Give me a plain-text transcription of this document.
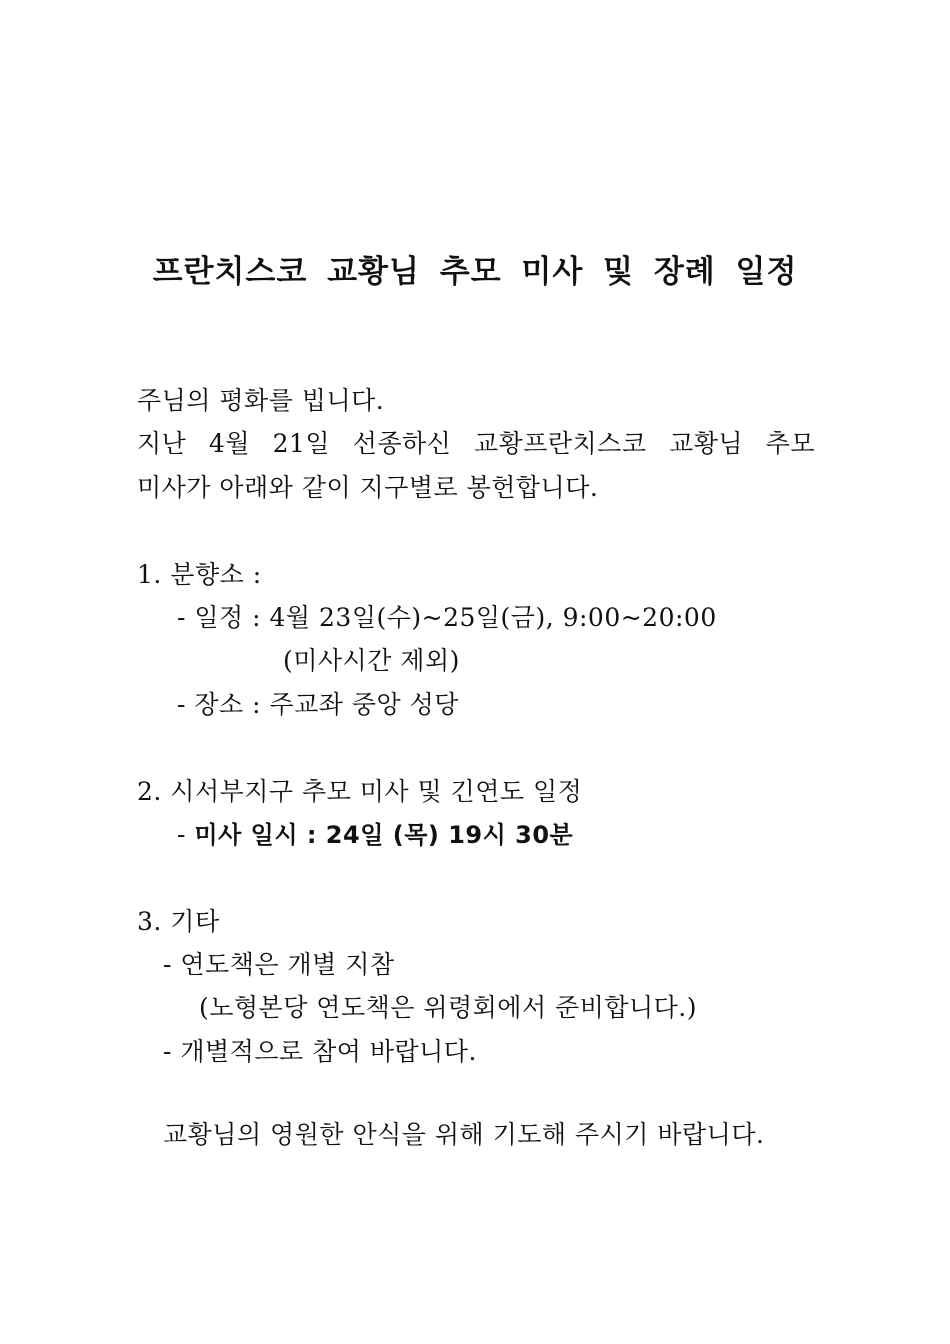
프란치스코 교황님 추모 미사 및 장례 일정
주님의 평화를 빕니다.
지난 4월 21일 선종하신 교황프란치스코 교황님 추모
미사가 아래와 같이 지구별로 봉헌합니다.
1. 분향소 :
- 일정 : 4월 23일(수)~25일(금), 9:00~20:00
(미사시간 제외)
- 장소 : 주교좌 중앙 성당
2. 시서부지구 추모 미사 및 긴연도 일정
- 미사 일시 : 24일 (목) 19시 30분
3. 기타
- 연도책은 개별 지참
(노형본당 연도책은 위령회에서 준비합니다.)
- 개별적으로 참여 바랍니다.
교황님의 영원한 안식을 위해 기도해 주시기 바랍니다.
